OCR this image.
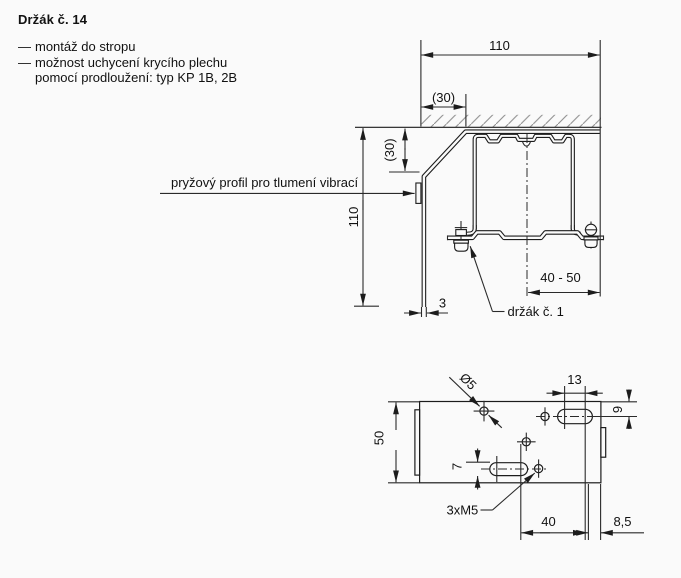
Držák č. 14
— montáž do stropu
— možnost uchycení krycího plechu
pomocí prodloužení: typ KP 1B, 2B
110
(30)
(30)
110
3
40 - 50
pryžový profil pro tlumení vibrací
držák č. 1
50
Ø5	13
9
7
3xM5
40	8,5
